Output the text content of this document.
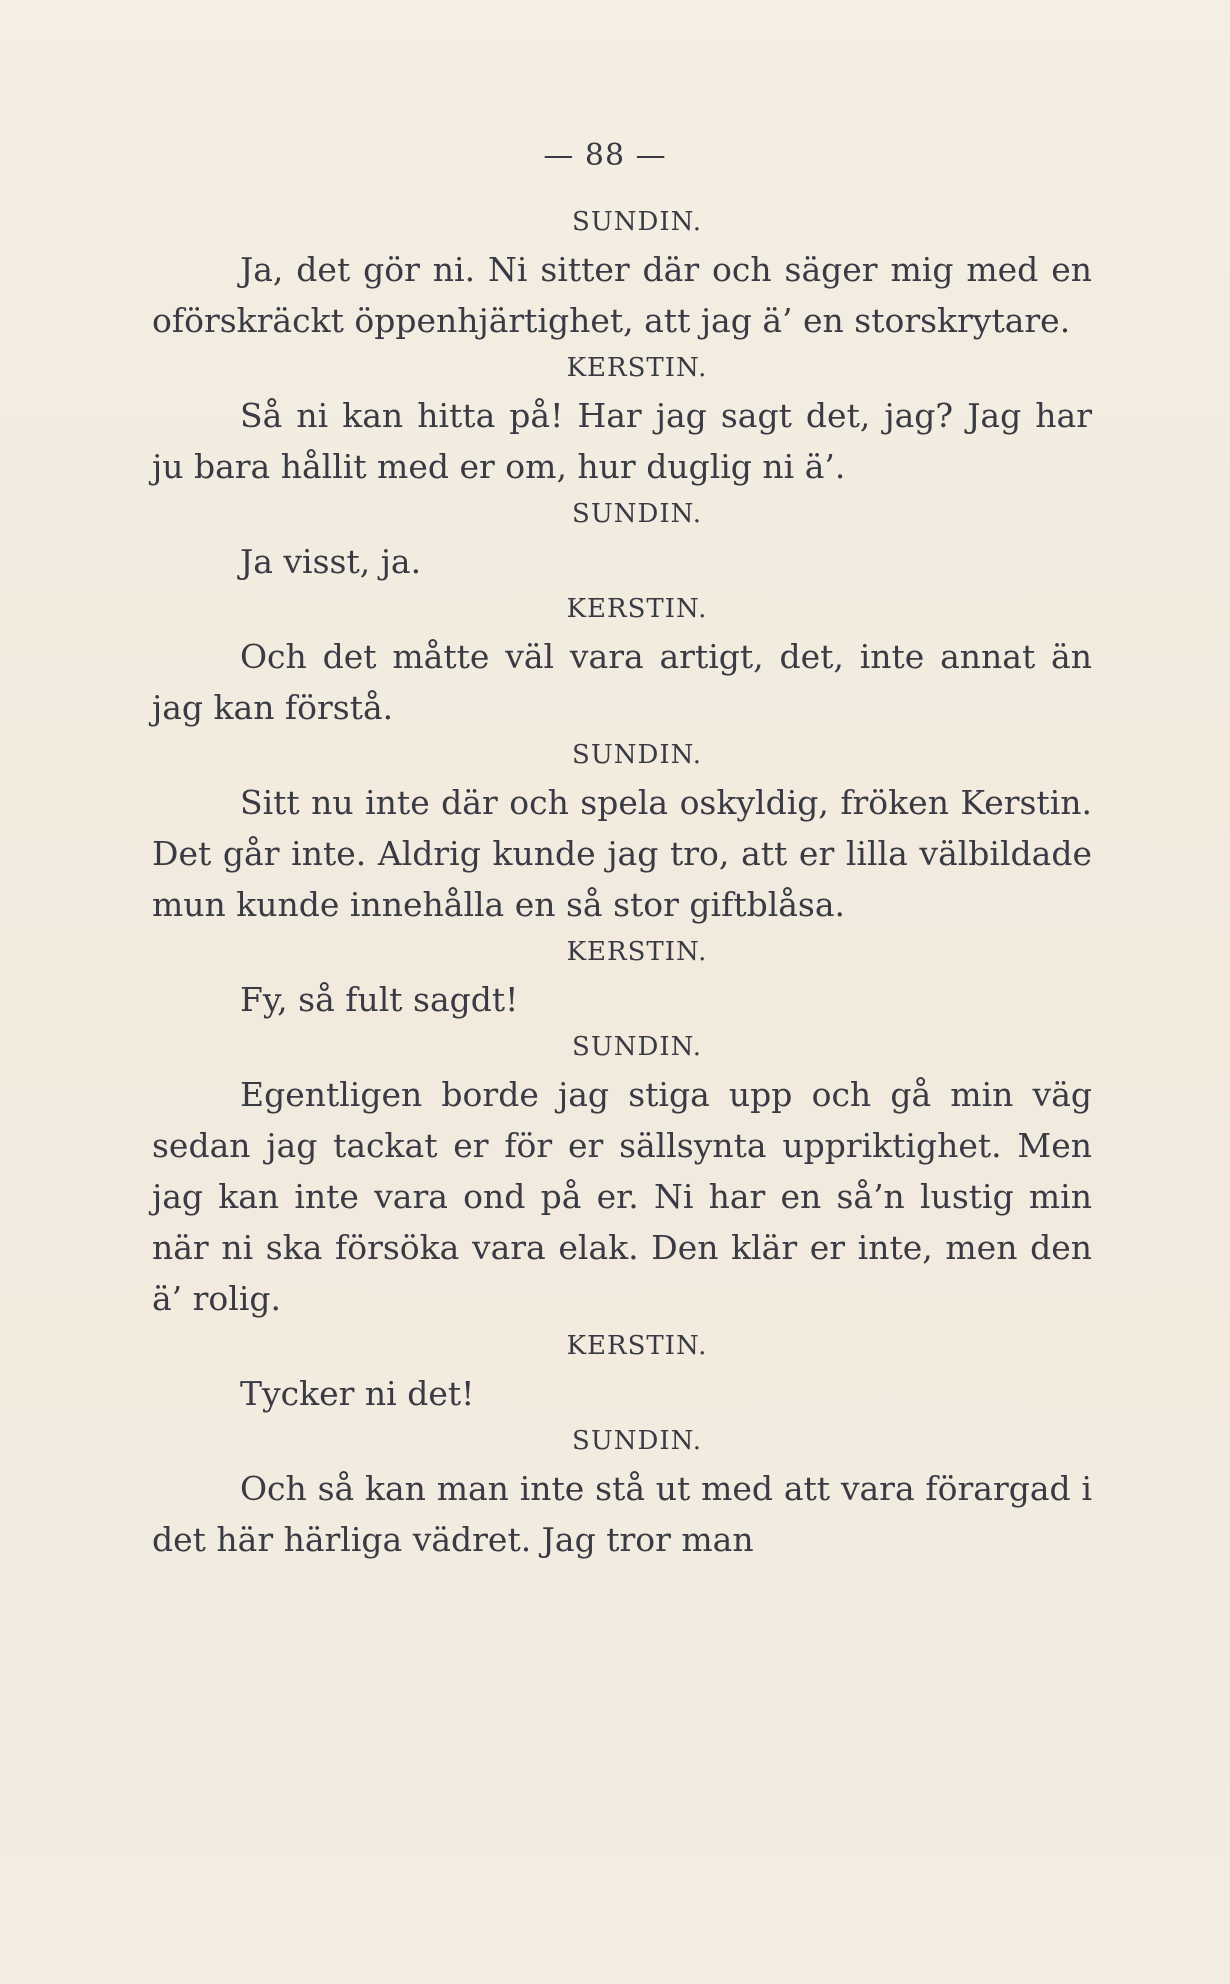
— 88 —
SUNDIN.

Ja, det gör ni. Ni sitter där och säger mig med en oförskräckt öppenhjärtighet, att jag ä’ en storskrytare.

KERSTIN.

Så ni kan hitta på! Har jag sagt det, jag? Jag har ju bara hållit med er om, hur duglig ni ä’.

SUNDIN.

Ja visst, ja.

KERSTIN.

Och det måtte väl vara artigt, det, inte annat än jag kan förstå.

SUNDIN.

Sitt nu inte där och spela oskyldig, fröken Kerstin. Det går inte. Aldrig kunde jag tro, att er lilla välbildade mun kunde innehålla en så stor giftblåsa.

KERSTIN.

Fy, så fult sagdt!

SUNDIN.

Egentligen borde jag stiga upp och gå min väg sedan jag tackat er för er sällsynta uppriktighet. Men jag kan inte vara ond på er. Ni har en så’n lustig min när ni ska försöka vara elak. Den klär er inte, men den ä’ rolig.

KERSTIN.

Tycker ni det!

SUNDIN.

Och så kan man inte stå ut med att vara förargad i det här härliga vädret. Jag tror man
